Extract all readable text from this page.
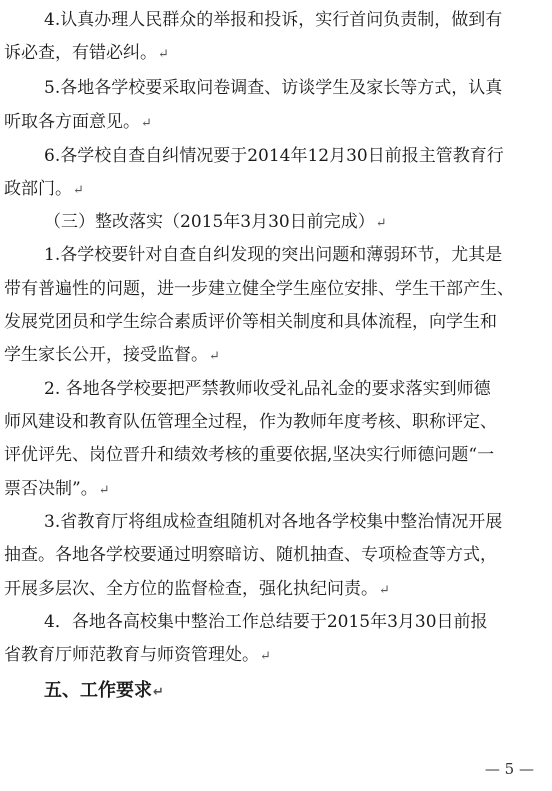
4.认真办理人民群众的举报和投诉，实行首问负责制，做到有
诉必查，有错必纠。↵
5.各地各学校要采取问卷调查、访谈学生及家长等方式，认真
听取各方面意见。↵
6.各学校自查自纠情况要于2014年12月30日前报主管教育行
政部门。↵
（三）整改落实（2015年3月30日前完成）↵
1.各学校要针对自查自纠发现的突出问题和薄弱环节，尤其是
带有普遍性的问题，进一步建立健全学生座位安排、学生干部产生、
发展党团员和学生综合素质评价等相关制度和具体流程，向学生和
学生家长公开，接受监督。↵
2. 各地各学校要把严禁教师收受礼品礼金的要求落实到师德
师风建设和教育队伍管理全过程，作为教师年度考核、职称评定、
评优评先、岗位晋升和绩效考核的重要依据,坚决实行师德问题“一
票否决制”。↵
3.省教育厅将组成检查组随机对各地各学校集中整治情况开展
抽查。各地各学校要通过明察暗访、随机抽查、专项检查等方式，
开展多层次、全方位的监督检查，强化执纪问责。↵
4．各地各高校集中整治工作总结要于2015年3月30日前报
省教育厅师范教育与师资管理处。↵
五、工作要求↵
— 5 —
